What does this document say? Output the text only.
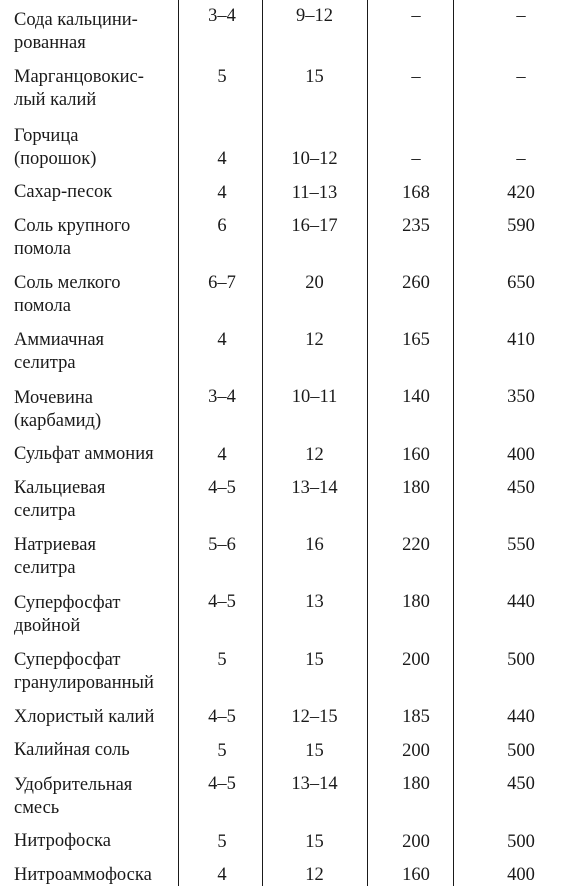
Сода кальцини-
рованная	3–4	9–12	–	–
Марганцовокис-
лый калий	5	15	–	–
Горчица
(порошок)	4	10–12	–	–
Сахар-песок	4	11–13	168	420
Соль крупного
помола	6	16–17	235	590
Соль мелкого
помола	6–7	20	260	650
Аммиачная
селитра	4	12	165	410
Мочевина
(карбамид)	3–4	10–11	140	350
Сульфат аммония	4	12	160	400
Кальциевая
селитра	4–5	13–14	180	450
Натриевая
селитра	5–6	16	220	550
Суперфосфат
двойной	4–5	13	180	440
Суперфосфат
гранулированный	5	15	200	500
Хлористый калий	4–5	12–15	185	440
Калийная соль	5	15	200	500
Удобрительная
смесь	4–5	13–14	180	450
Нитрофоска	5	15	200	500
Нитроаммофоска	4	12	160	400
